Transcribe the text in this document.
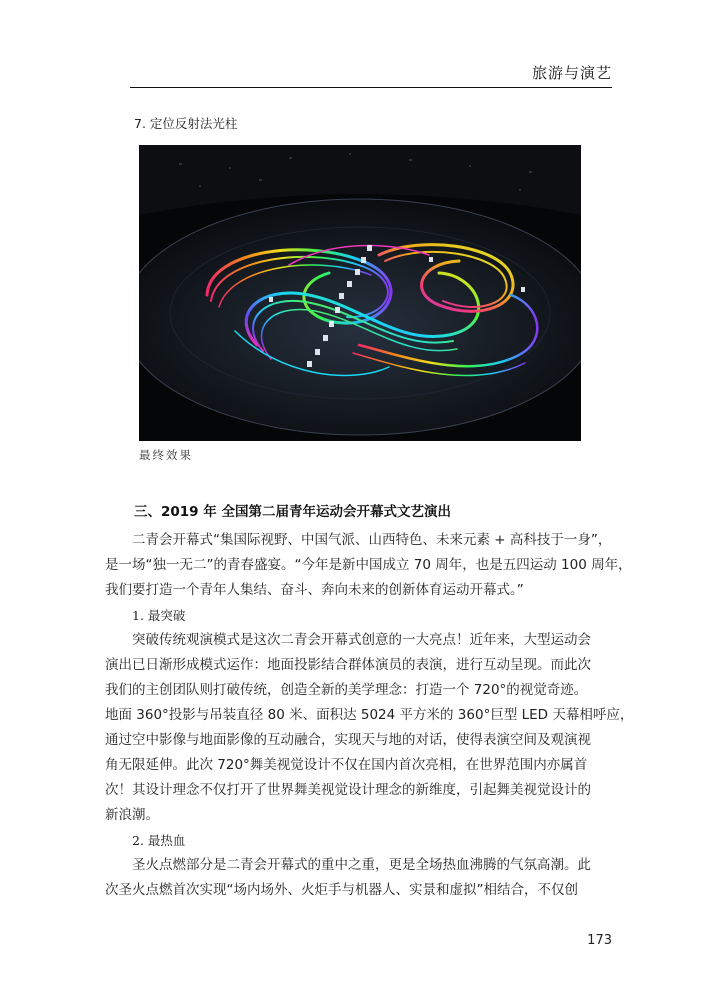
旅游与演艺
7. 定位反射法光柱
最终效果
三、2019 年 全国第二届青年运动会开幕式文艺演出
二青会开幕式“集国际视野、中国气派、山西特色、未来元素 + 高科技于一身”，
是一场“独一无二”的青春盛宴。“今年是新中国成立 70 周年，也是五四运动 100 周年，
我们要打造一个青年人集结、奋斗、奔向未来的创新体育运动开幕式。”
1. 最突破
突破传统观演模式是这次二青会开幕式创意的一大亮点！近年来，大型运动会
演出已日渐形成模式运作：地面投影结合群体演员的表演，进行互动呈现。而此次
我们的主创团队则打破传统，创造全新的美学理念：打造一个 720°的视觉奇迹。
地面 360°投影与吊装直径 80 米、面积达 5024 平方米的 360°巨型 LED 天幕相呼应，
通过空中影像与地面影像的互动融合，实现天与地的对话，使得表演空间及观演视
角无限延伸。此次 720°舞美视觉设计不仅在国内首次亮相，在世界范围内亦属首
次！其设计理念不仅打开了世界舞美视觉设计理念的新维度，引起舞美视觉设计的
新浪潮。
2. 最热血
圣火点燃部分是二青会开幕式的重中之重，更是全场热血沸腾的气氛高潮。此
次圣火点燃首次实现“场内场外、火炬手与机器人、实景和虚拟”相结合，不仅创
173
